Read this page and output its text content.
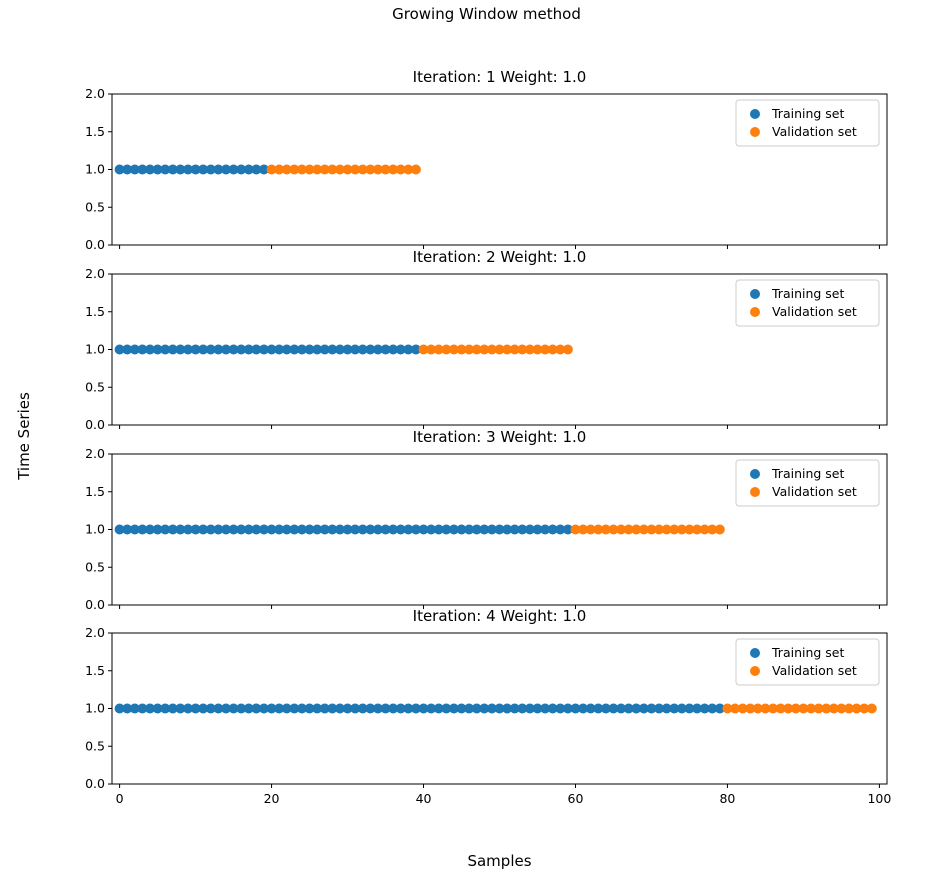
Growing Window method
Iteration: 1 Weight: 1.0
Iteration: 2 Weight: 1.0
Iteration: 3 Weight: 1.0
Iteration: 4 Weight: 1.0
0.0
0.5
1.0
1.5
2.0
Training set
Validation set
0.0
0.5
1.0
1.5
2.0
Training set
Validation set
0.0
0.5
1.0
1.5
2.0
Training set
Validation set
0.0
0.5
1.0
1.5
2.0
0	20	40	60	80	100
Training set
Validation set
Time Series
Samples
